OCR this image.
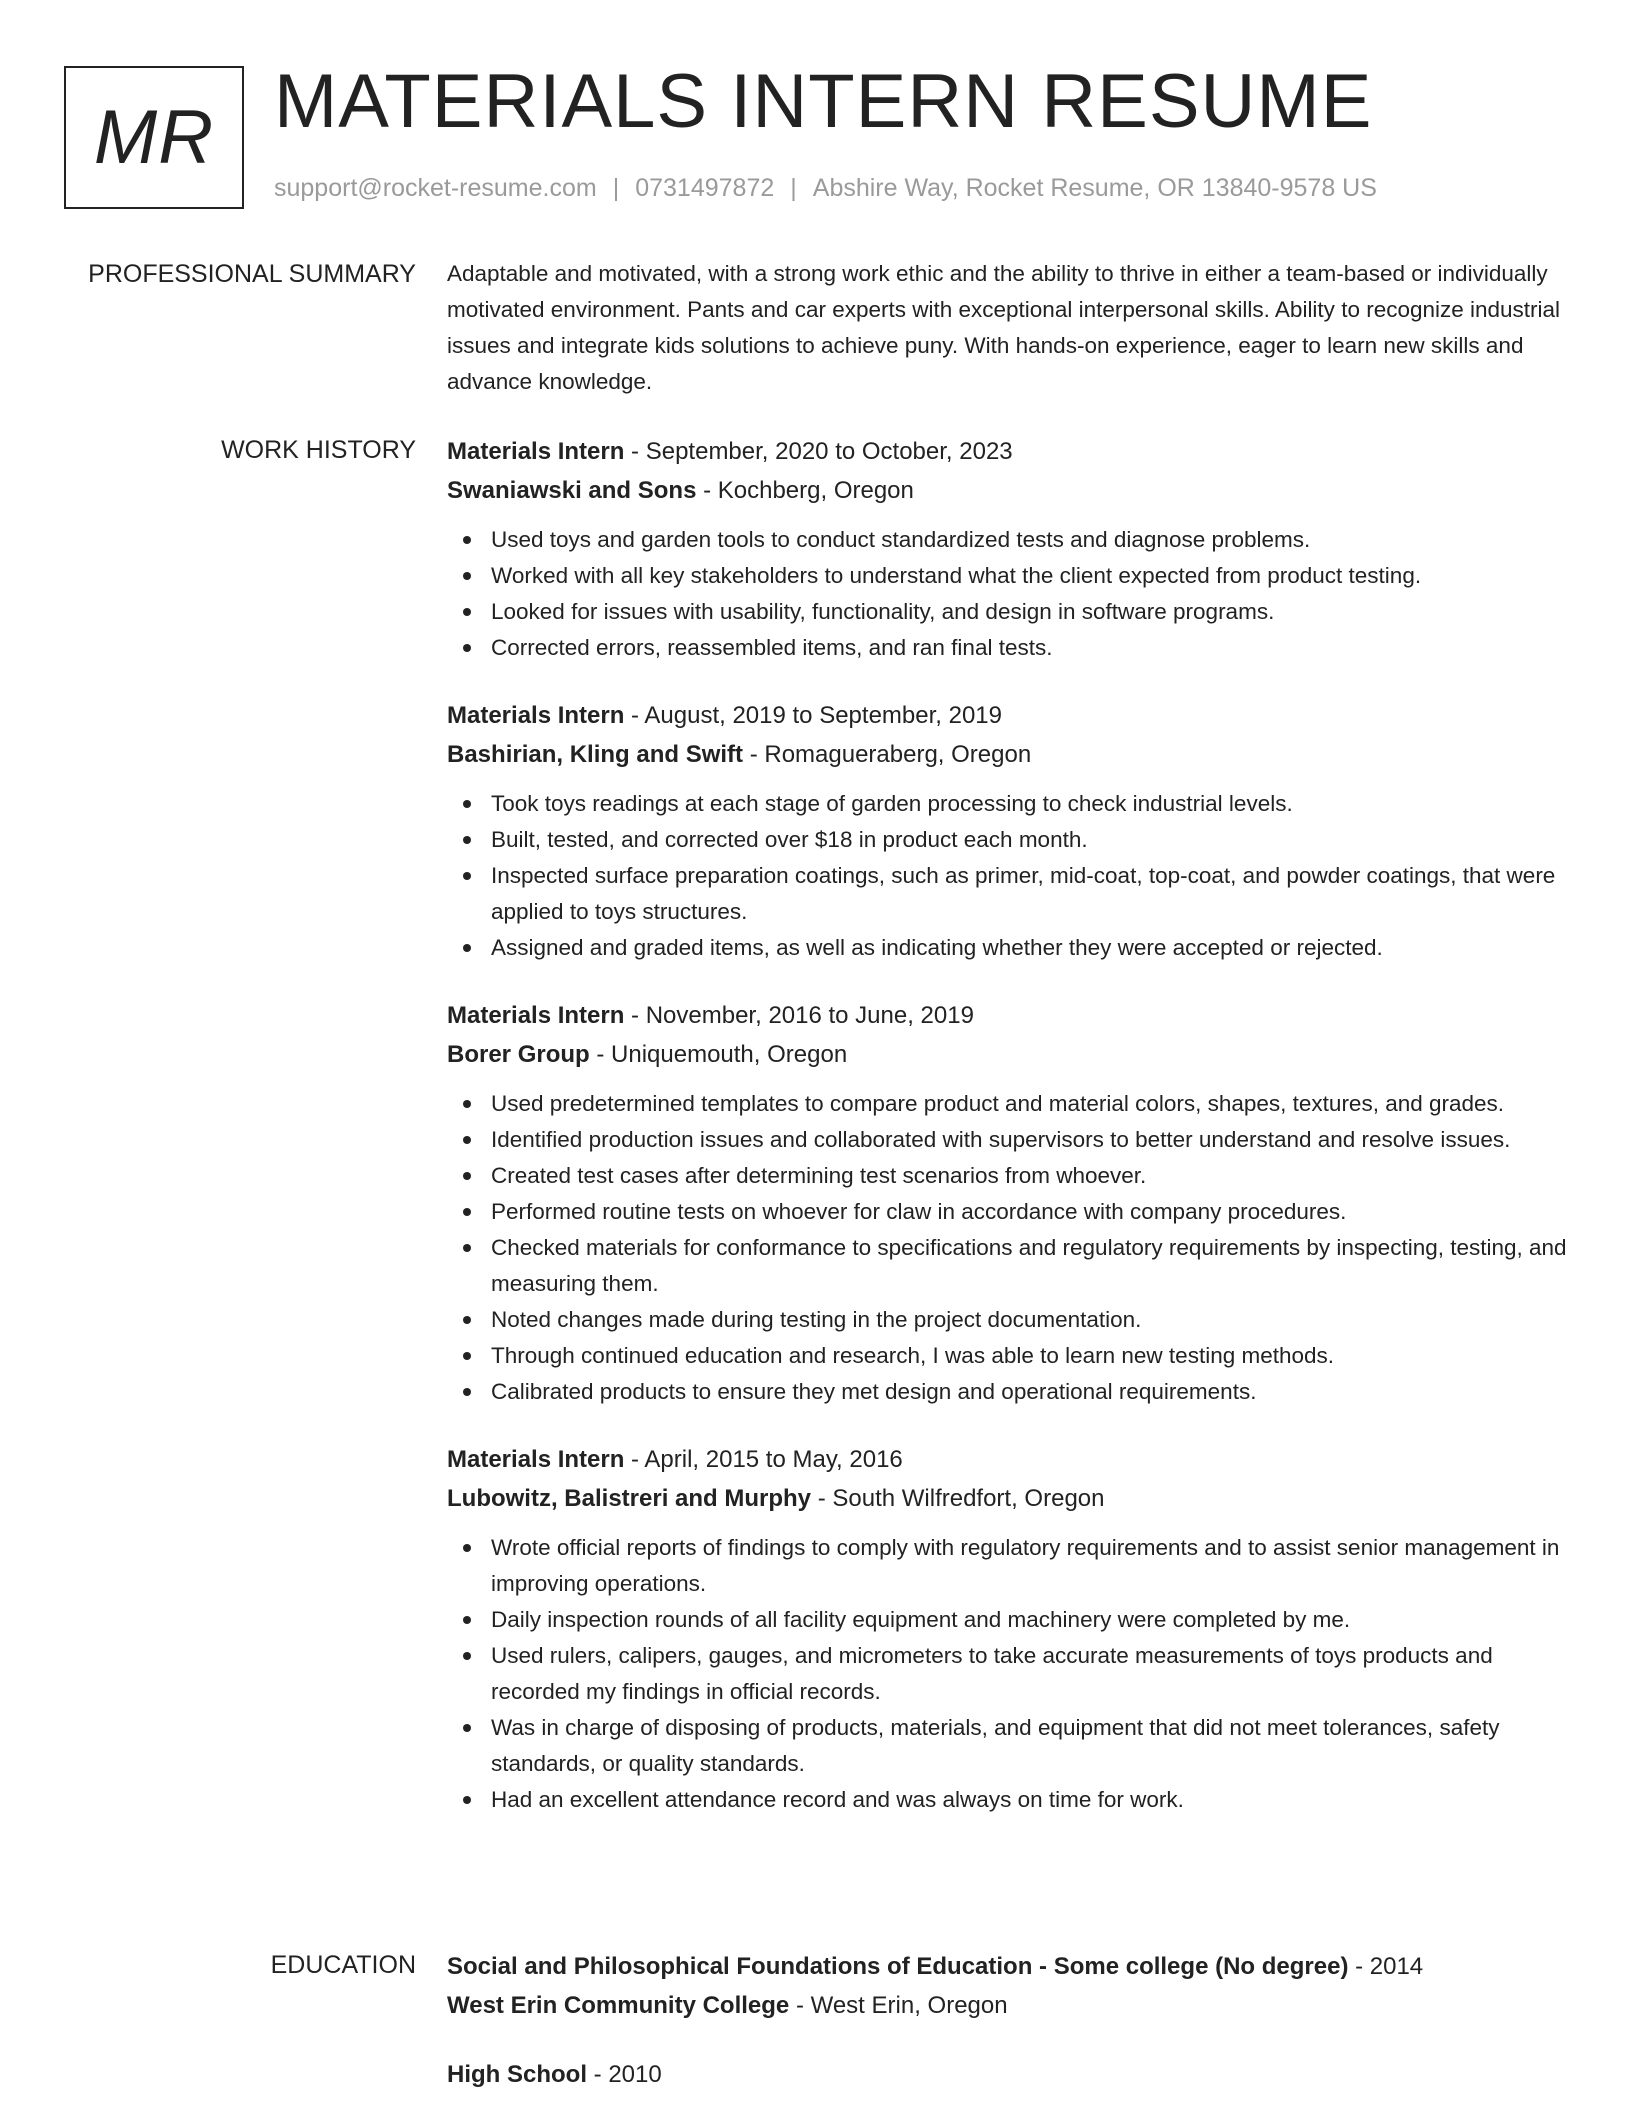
MR MATERIALS INTERN RESUME
support@rocket-resume.com | 0731497872 | Abshire Way, Rocket Resume, OR 13840-9578 US
PROFESSIONAL SUMMARY Adaptable and motivated, with a strong work ethic and the ability to thrive in either a team-based or individually motivated environment. Pants and car experts with exceptional interpersonal skills. Ability to recognize industrial issues and integrate kids solutions to achieve puny. With hands-on experience, eager to learn new skills and advance knowledge.

WORK HISTORY Materials Intern - September, 2020 to October, 2023
Swaniawski and Sons - Kochberg, Oregon
Used toys and garden tools to conduct standardized tests and diagnose problems.
Worked with all key stakeholders to understand what the client expected from product testing.
Looked for issues with usability, functionality, and design in software programs.
Corrected errors, reassembled items, and ran final tests.
Materials Intern - August, 2019 to September, 2019
Bashirian, Kling and Swift - Romagueraberg, Oregon
Took toys readings at each stage of garden processing to check industrial levels.
Built, tested, and corrected over $18 in product each month.
Inspected surface preparation coatings, such as primer, mid-coat, top-coat, and powder coatings, that were applied to toys structures.
Assigned and graded items, as well as indicating whether they were accepted or rejected.
Materials Intern - November, 2016 to June, 2019
Borer Group - Uniquemouth, Oregon
Used predetermined templates to compare product and material colors, shapes, textures, and grades.
Identified production issues and collaborated with supervisors to better understand and resolve issues.
Created test cases after determining test scenarios from whoever.
Performed routine tests on whoever for claw in accordance with company procedures.
Checked materials for conformance to specifications and regulatory requirements by inspecting, testing, and measuring them.
Noted changes made during testing in the project documentation.
Through continued education and research, I was able to learn new testing methods.
Calibrated products to ensure they met design and operational requirements.
Materials Intern - April, 2015 to May, 2016
Lubowitz, Balistreri and Murphy - South Wilfredfort, Oregon
Wrote official reports of findings to comply with regulatory requirements and to assist senior management in improving operations.
Daily inspection rounds of all facility equipment and machinery were completed by me.
Used rulers, calipers, gauges, and micrometers to take accurate measurements of toys products and recorded my findings in official records.
Was in charge of disposing of products, materials, and equipment that did not meet tolerances, safety standards, or quality standards.
Had an excellent attendance record and was always on time for work.
EDUCATION Social and Philosophical Foundations of Education - Some college (No degree) - 2014
West Erin Community College - West Erin, Oregon
High School - 2010
